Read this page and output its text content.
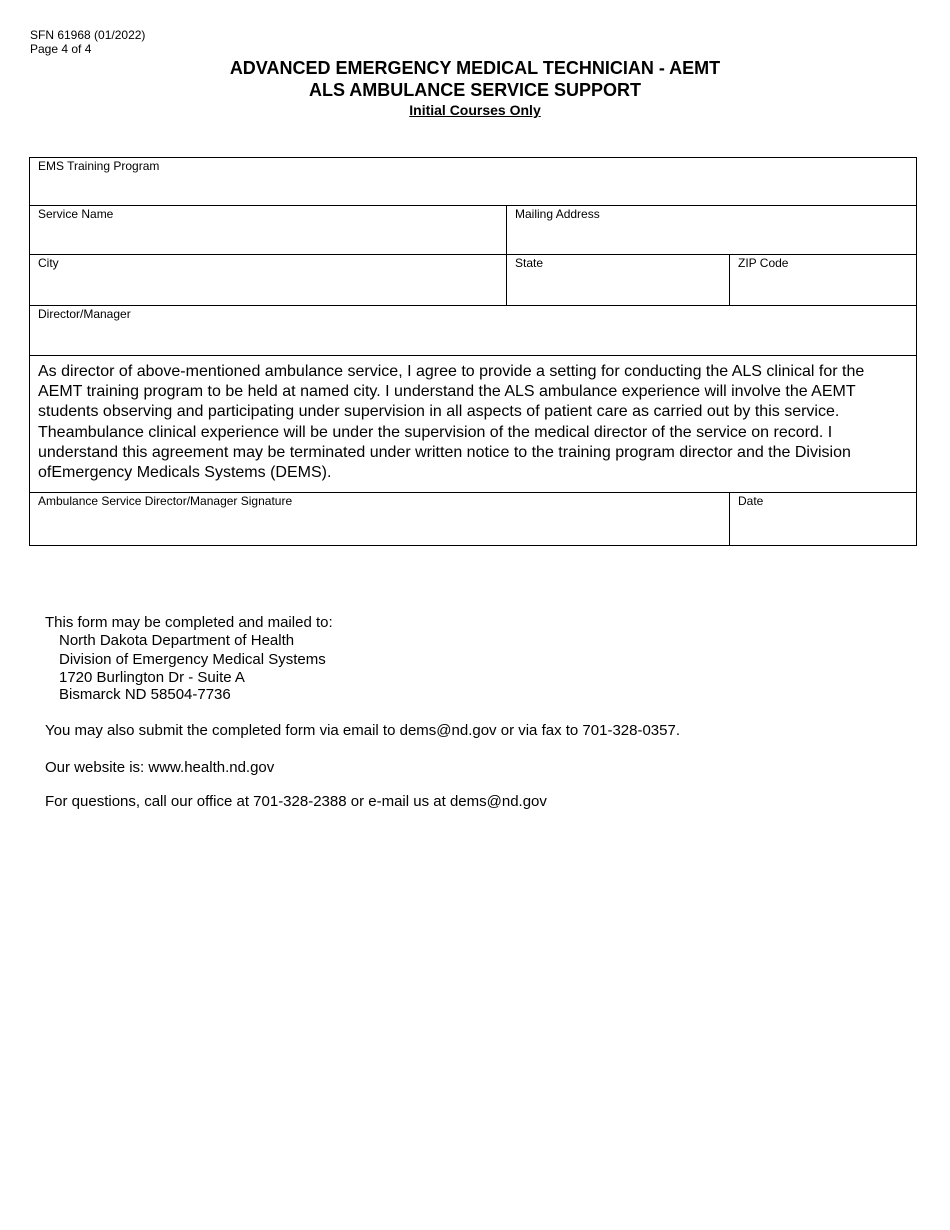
SFN 61968 (01/2022)
Page 4 of 4
ADVANCED EMERGENCY MEDICAL TECHNICIAN - AEMT
ALS AMBULANCE SERVICE SUPPORT
Initial Courses Only
EMS Training Program
Service Name	Mailing Address
City	State	ZIP Code
Director/Manager
As director of above-mentioned ambulance service, I agree to provide a setting for conducting the ALS clinical for the AEMT training program to be held at named city. I understand the ALS ambulance experience will involve the AEMT students observing and participating under supervision in all aspects of patient care as carried out by this service. Theambulance clinical experience will be under the supervision of the medical director of the service on record. I understand this agreement may be terminated under written notice to the training program director and the Division ofEmergency Medicals Systems (DEMS).
Ambulance Service Director/Manager Signature	Date
This form may be completed and mailed to:
North Dakota Department of Health
Division of Emergency Medical Systems
1720 Burlington Dr - Suite A
Bismarck ND 58504-7736
You may also submit the completed form via email to dems@nd.gov or via fax to 701-328-0357.
Our website is: www.health.nd.gov
For questions, call our office at 701-328-2388 or e-mail us at dems@nd.gov
